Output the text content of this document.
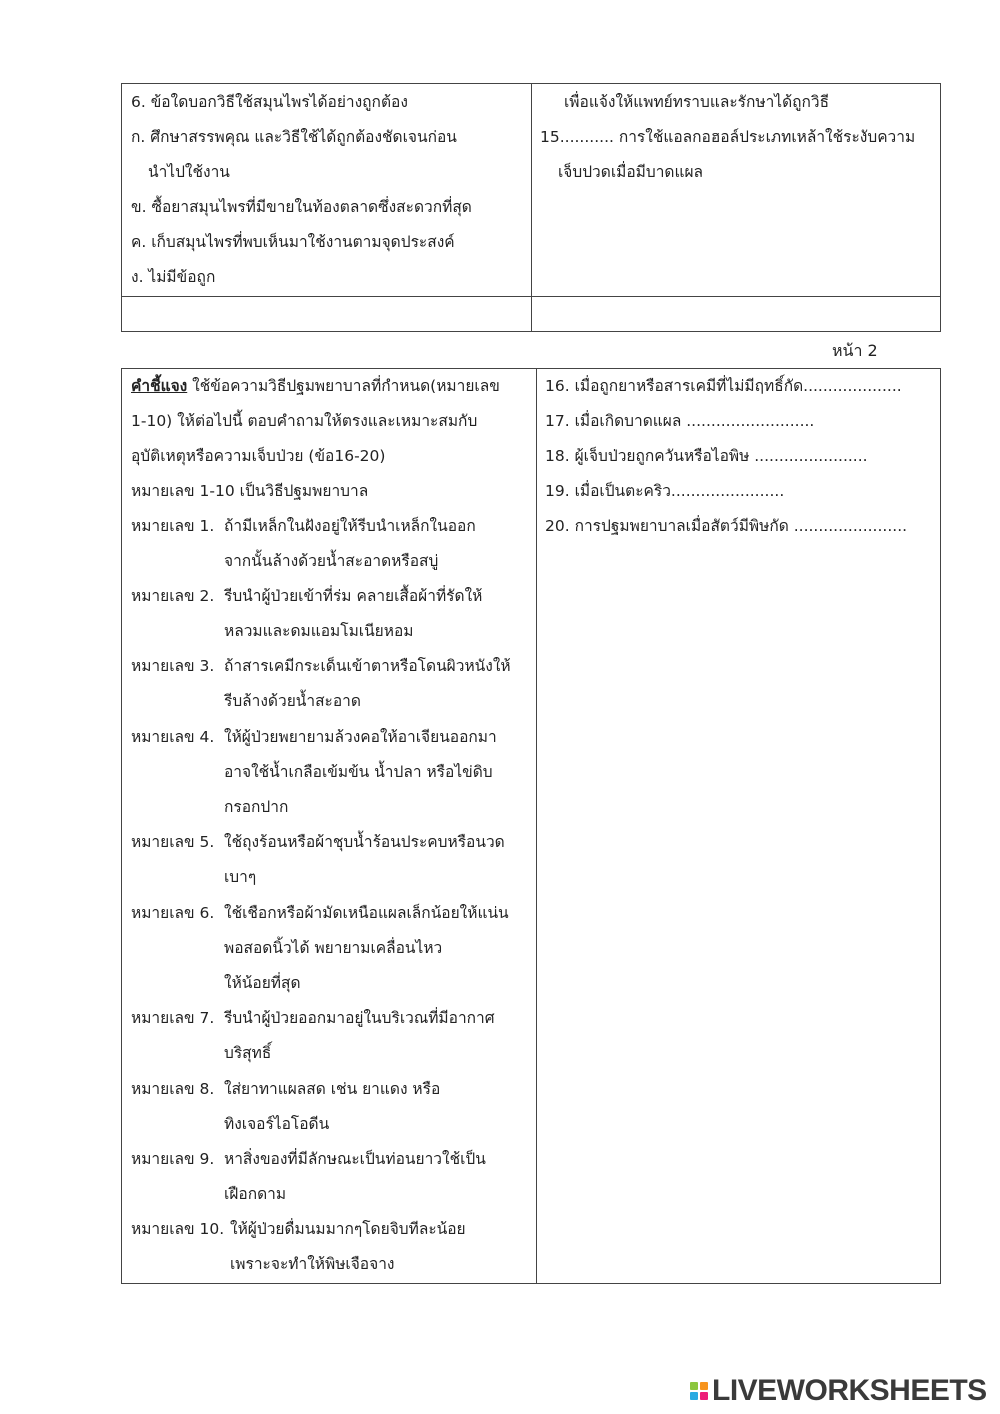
6. ข้อใดบอกวิธีใช้สมุนไพรได้อย่างถูกต้อง
ก. ศึกษาสรรพคุณ และวิธีใช้ได้ถูกต้องชัดเจนก่อน
นำไปใช้งาน
ข. ซื้อยาสมุนไพรที่มีขายในท้องตลาดซึ่งสะดวกที่สุด
ค. เก็บสมุนไพรที่พบเห็นมาใช้งานตามจุดประสงค์
ง. ไม่มีข้อถูก
เพื่อแจ้งให้แพทย์ทราบและรักษาได้ถูกวิธี
15........... การใช้แอลกอฮอล์ประเภทเหล้าใช้ระงับความ
เจ็บปวดเมื่อมีบาดแผล
หน้า 2
คำชี้แจง ใช้ข้อความวิธีปฐมพยาบาลที่กำหนด(หมายเลข
1-10) ให้ต่อไปนี้ ตอบคำถามให้ตรงและเหมาะสมกับ
อุบัติเหตุหรือความเจ็บป่วย (ข้อ16-20)
หมายเลข 1-10 เป็นวิธีปฐมพยาบาล
หมายเลข 1. ถ้ามีเหล็กในฝังอยู่ให้รีบนำเหล็กในออก
จากนั้นล้างด้วยน้ำสะอาดหรือสบู่
หมายเลข 2. รีบนำผู้ป่วยเข้าที่ร่ม คลายเสื้อผ้าที่รัดให้
หลวมและดมแอมโมเนียหอม
หมายเลข 3. ถ้าสารเคมีกระเด็นเข้าตาหรือโดนผิวหนังให้
รีบล้างด้วยน้ำสะอาด
หมายเลข 4. ให้ผู้ป่วยพยายามล้วงคอให้อาเจียนออกมา
อาจใช้น้ำเกลือเข้มข้น น้ำปลา หรือไข่ดิบ
กรอกปาก
หมายเลข 5. ใช้ถุงร้อนหรือผ้าชุบน้ำร้อนประคบหรือนวด
เบาๆ
หมายเลข 6. ใช้เชือกหรือผ้ามัดเหนือแผลเล็กน้อยให้แน่น
พอสอดนิ้วได้ พยายามเคลื่อนไหว
ให้น้อยที่สุด
หมายเลข 7. รีบนำผู้ป่วยออกมาอยู่ในบริเวณที่มีอากาศ
บริสุทธิ์
หมายเลข 8. ใส่ยาทาแผลสด เช่น ยาแดง หรือ
ทิงเจอร์ไอโอดีน
หมายเลข 9. หาสิ่งของที่มีลักษณะเป็นท่อนยาวใช้เป็น
เฝือกดาม
หมายเลข 10. ให้ผู้ป่วยดื่มนมมากๆโดยจิบทีละน้อย
เพราะจะทำให้พิษเจือจาง
16. เมื่อถูกยาหรือสารเคมีที่ไม่มีฤทธิ์กัด....................
17. เมื่อเกิดบาดแผล ..........................
18. ผู้เจ็บป่วยถูกควันหรือไอพิษ .......................
19. เมื่อเป็นตะคริว.......................
20. การปฐมพยาบาลเมื่อสัตว์มีพิษกัด .......................
LIVEWORKSHEETS
